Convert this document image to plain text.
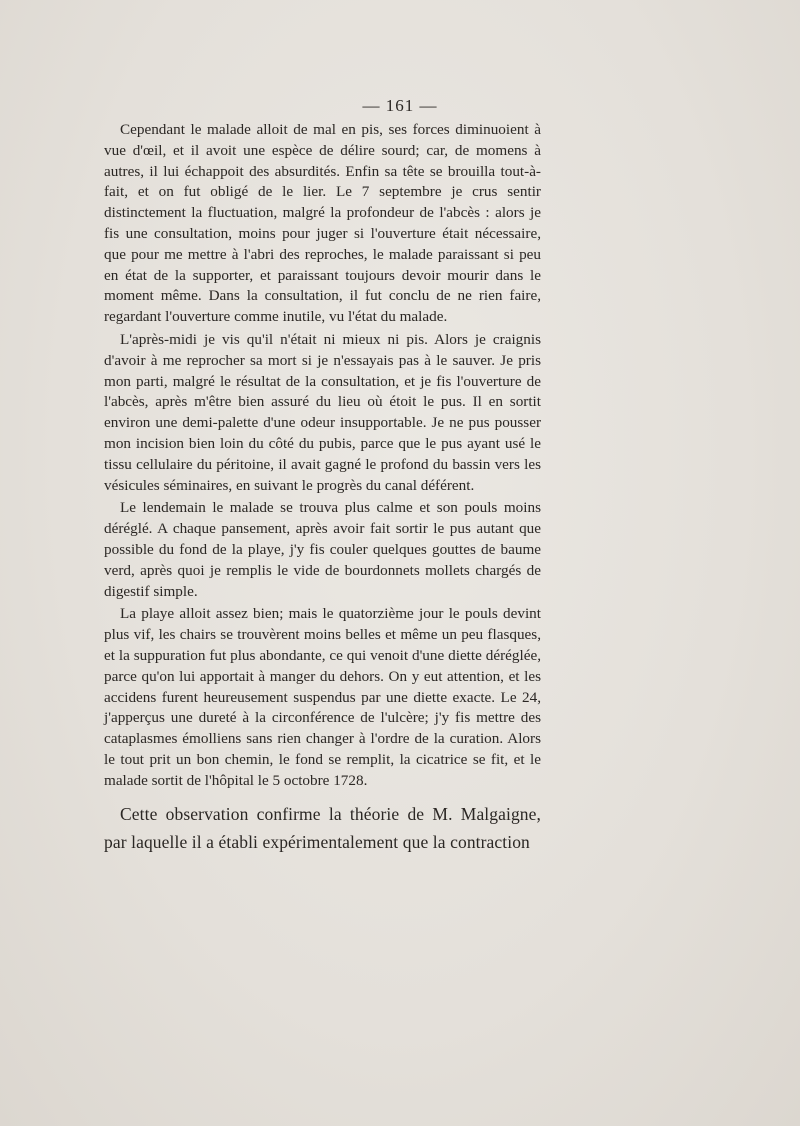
— 161 —

Cependant le malade alloit de mal en pis, ses forces diminuoient à vue d'œil, et il avoit une espèce de délire sourd; car, de momens à autres, il lui échappoit des absurdités. Enfin sa tête se brouilla tout-à-fait, et on fut obligé de le lier. Le 7 septembre je crus sentir distinctement la fluctuation, malgré la profondeur de l'abcès : alors je fis une consultation, moins pour juger si l'ouverture était nécessaire, que pour me mettre à l'abri des reproches, le malade paraissant si peu en état de la supporter, et paraissant toujours devoir mourir dans le moment même. Dans la consultation, il fut conclu de ne rien faire, regardant l'ouverture comme inutile, vu l'état du malade.

L'après-midi je vis qu'il n'était ni mieux ni pis. Alors je craignis d'avoir à me reprocher sa mort si je n'essayais pas à le sauver. Je pris mon parti, malgré le résultat de la consultation, et je fis l'ouverture de l'abcès, après m'être bien assuré du lieu où étoit le pus. Il en sortit environ une demi-palette d'une odeur insupportable. Je ne pus pousser mon incision bien loin du côté du pubis, parce que le pus ayant usé le tissu cellulaire du péritoine, il avait gagné le profond du bassin vers les vésicules séminaires, en suivant le progrès du canal déférent.

Le lendemain le malade se trouva plus calme et son pouls moins déréglé. A chaque pansement, après avoir fait sortir le pus autant que possible du fond de la playe, j'y fis couler quelques gouttes de baume verd, après quoi je remplis le vide de bourdonnets mollets chargés de digestif simple.

La playe alloit assez bien; mais le quatorzième jour le pouls devint plus vif, les chairs se trouvèrent moins belles et même un peu flasques, et la suppuration fut plus abondante, ce qui venoit d'une diette déréglée, parce qu'on lui apportait à manger du dehors. On y eut attention, et les accidens furent heureusement suspendus par une diette exacte. Le 24, j'apperçus une dureté à la circonférence de l'ulcère; j'y fis mettre des cataplasmes émolliens sans rien changer à l'ordre de la curation. Alors le tout prit un bon chemin, le fond se remplit, la cicatrice se fit, et le malade sortit de l'hôpital le 5 octobre 1728.

Cette observation confirme la théorie de M. Malgaigne, par laquelle il a établi expérimentalement que la contraction
